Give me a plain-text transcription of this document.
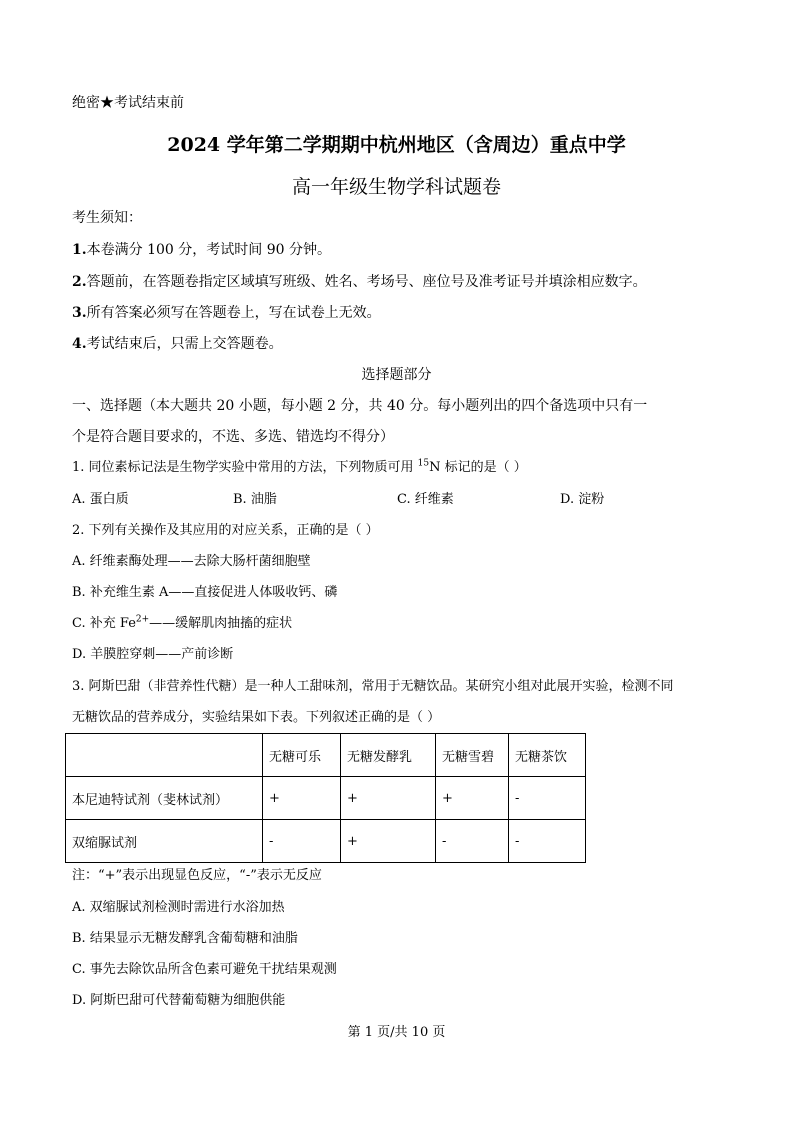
绝密★考试结束前
2024 学年第二学期期中杭州地区（含周边）重点中学
高一年级生物学科试题卷
考生须知：
1.本卷满分 100 分，考试时间 90 分钟。
2.答题前，在答题卷指定区域填写班级、姓名、考场号、座位号及准考证号并填涂相应数字。
3.所有答案必须写在答题卷上，写在试卷上无效。
4.考试结束后，只需上交答题卷。
选择题部分
一、选择题（本大题共 20 小题，每小题 2 分，共 40 分。每小题列出的四个备选项中只有一
个是符合题目要求的，不选、多选、错选均不得分）
1. 同位素标记法是生物学实验中常用的方法，下列物质可用 $^{15}$N 标记的是（ ）
A. 蛋白质	B. 油脂	C. 纤维素	D. 淀粉
2. 下列有关操作及其应用的对应关系，正确的是（ ）
A. 纤维素酶处理——去除大肠杆菌细胞壁
B. 补充维生素 A——直接促进人体吸收钙、磷
C. 补充 $Fe^{2+}——$缓解肌肉抽搐的症状
D. 羊膜腔穿刺——产前诊断
3. 阿斯巴甜（非营养性代糖）是一种人工甜味剂，常用于无糖饮品。某研究小组对此展开实验，检测不同
无糖饮品的营养成分，实验结果如下表。下列叙述正确的是（ ）
	无糖可乐	无糖发酵乳	无糖雪碧	无糖茶饮
本尼迪特试剂（斐林试剂）	+	+	+	-
双缩脲试剂	-	+	-	-
注：“+”表示出现显色反应，“-”表示无反应
A. 双缩脲试剂检测时需进行水浴加热
B. 结果显示无糖发酵乳含葡萄糖和油脂
C. 事先去除饮品所含色素可避免干扰结果观测
D. 阿斯巴甜可代替葡萄糖为细胞供能
第 1 页/共 10 页
